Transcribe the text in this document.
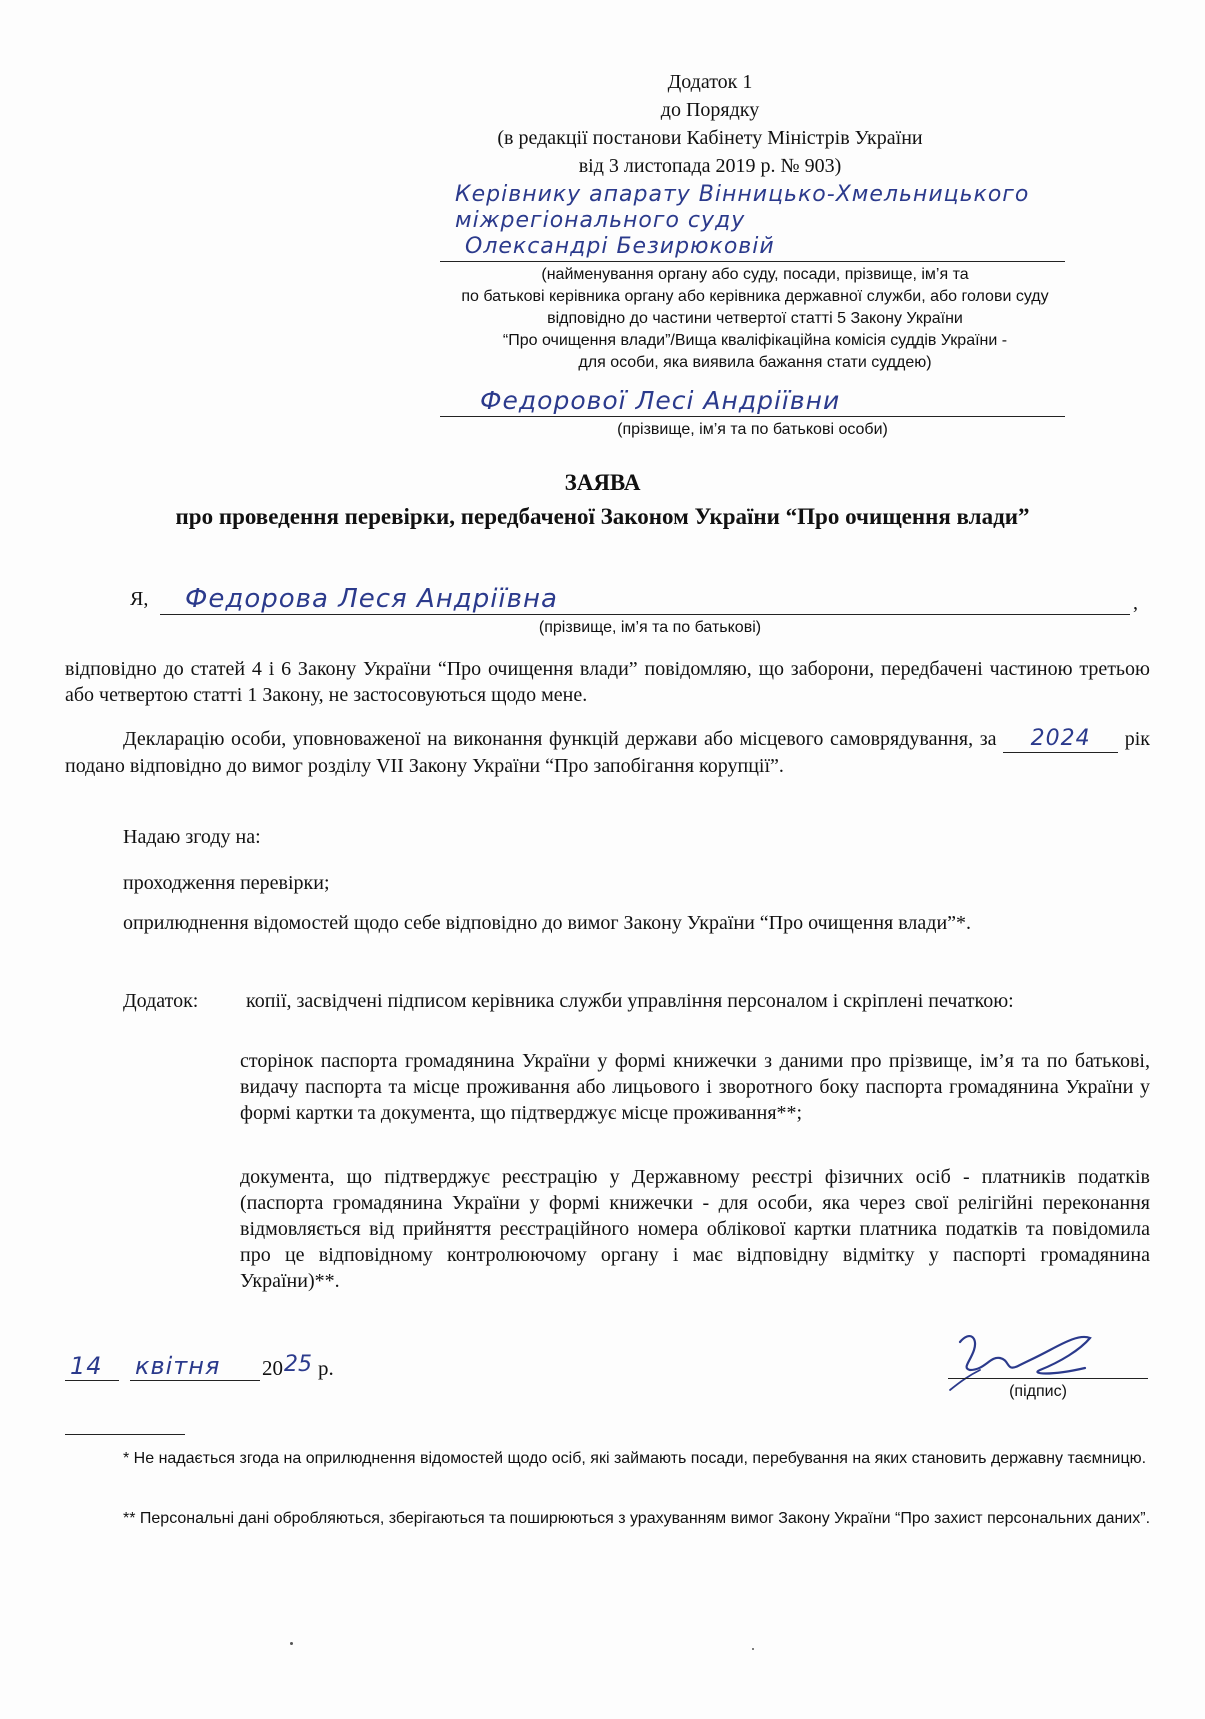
Додаток 1
до Порядку
(в редакції постанови Кабінету Міністрів України
від 3 листопада 2019 р. № 903)
Керівнику апарату Вінницько-Хмельницького
міжрегіонального суду
Олександрі Безирюковій
(найменування органу або суду, посади, прізвище, ім’я та
по батькові керівника органу або керівника державної служби, або голови суду
відповідно до частини четвертої статті 5 Закону України
“Про очищення влади”/Вища кваліфікаційна комісія суддів України -
для особи, яка виявила бажання стати суддею)
Федорової Лесі Андріївни
(прізвище, ім’я та по батькові особи)
ЗАЯВА
про проведення перевірки, передбаченої Законом України “Про очищення влади”
Я,	,
Федорова Леся Андріївна
(прізвище, ім’я та по батькові)
відповідно до статей 4 і 6 Закону України “Про очищення влади” повідомляю, що заборони, передбачені частиною третьою або четвертою статті 1 Закону, не застосовуються щодо мене.
Декларацію особи, уповноваженої на виконання функцій держави або місцевого самоврядування, за 2024 рік подано відповідно до вимог розділу VII Закону України “Про запобігання корупції”.
Надаю згоду на:
проходження перевірки;
оприлюднення відомостей щодо себе відповідно до вимог Закону України “Про очищення влади”*.
Додаток: копії, засвідчені підписом керівника служби управління персоналом і скріплені печаткою:
сторінок паспорта громадянина України у формі книжечки з даними про прізвище, ім’я та по батькові, видачу паспорта та місце проживання або лицьового і зворотного боку паспорта громадянина України у формі картки та документа, що підтверджує місце проживання**;
документа, що підтверджує реєстрацію у Державному реєстрі фізичних осіб - платників податків (паспорта громадянина України у формі книжечки - для особи, яка через свої релігійні переконання відмовляється від прийняття реєстраційного номера облікової картки платника податків та повідомила про це відповідному контролюючому органу і має відповідну відмітку у паспорті громадянина України)**.
14 квітня 20 25 р.
(підпис)
* Не надається згода на оприлюднення відомостей щодо осіб, які займають посади, перебування на яких становить державну таємницю.
** Персональні дані обробляються, зберігаються та поширюються з урахуванням вимог Закону України “Про захист персональних даних”.
